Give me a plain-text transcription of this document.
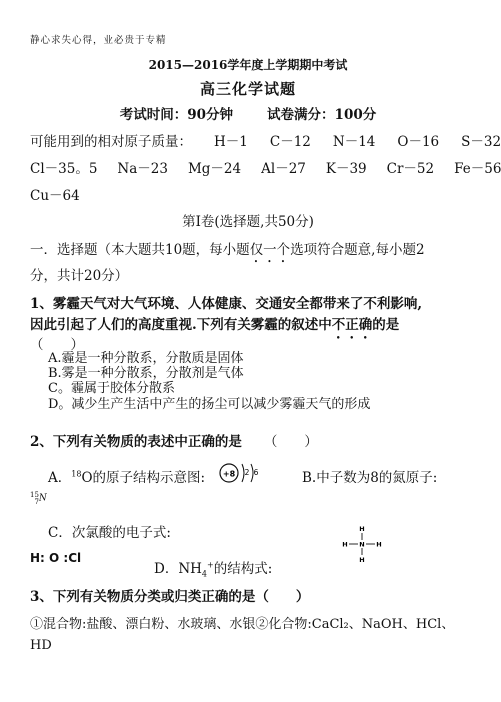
静心求失心得，业必贵于专精
2015—2016学年度上学期期中考试
高三化学试题
考试时间：90分钟	试卷满分：100分
可能用到的相对原子质量： H－1 C－12 N－14 O－16 S－32
Cl－35。5 Na－23 Mg－24 Al－27 K－39 Cr－52 Fe－56
Cu－64
第Ⅰ卷(选择题,共50分)
一．选择题（本大题共10题，每小题仅一个选项符合题意,每小题2
分，共计20分）
1、雾霾天气对大气环境、人体健康、交通安全都带来了不利影响,
因此引起了人们的高度重视.下列有关雾霾的叙述中不正确的是
（　　）
A.霾是一种分散系，分散质是固体
B.雾是一种分散系，分散剂是气体
C。霾属于胶体分散系
D。减少生产生活中产生的扬尘可以减少雾霾天气的形成
2、下列有关物质的表述中正确的是 （　　）
A．$^{18}$O的原子结构示意图: +8 2 6	B.中子数为8的氮原子:
15
7 N
C．次氯酸的电子式:	H
H N H
H
H: O :Cl
D．$NH_4^+$的结构式:
3、下列有关物质分类或归类正确的是（　　）
①混合物:盐酸、漂白粉、水玻璃、水银②化合物:CaCl₂、NaOH、HCl、
HD
